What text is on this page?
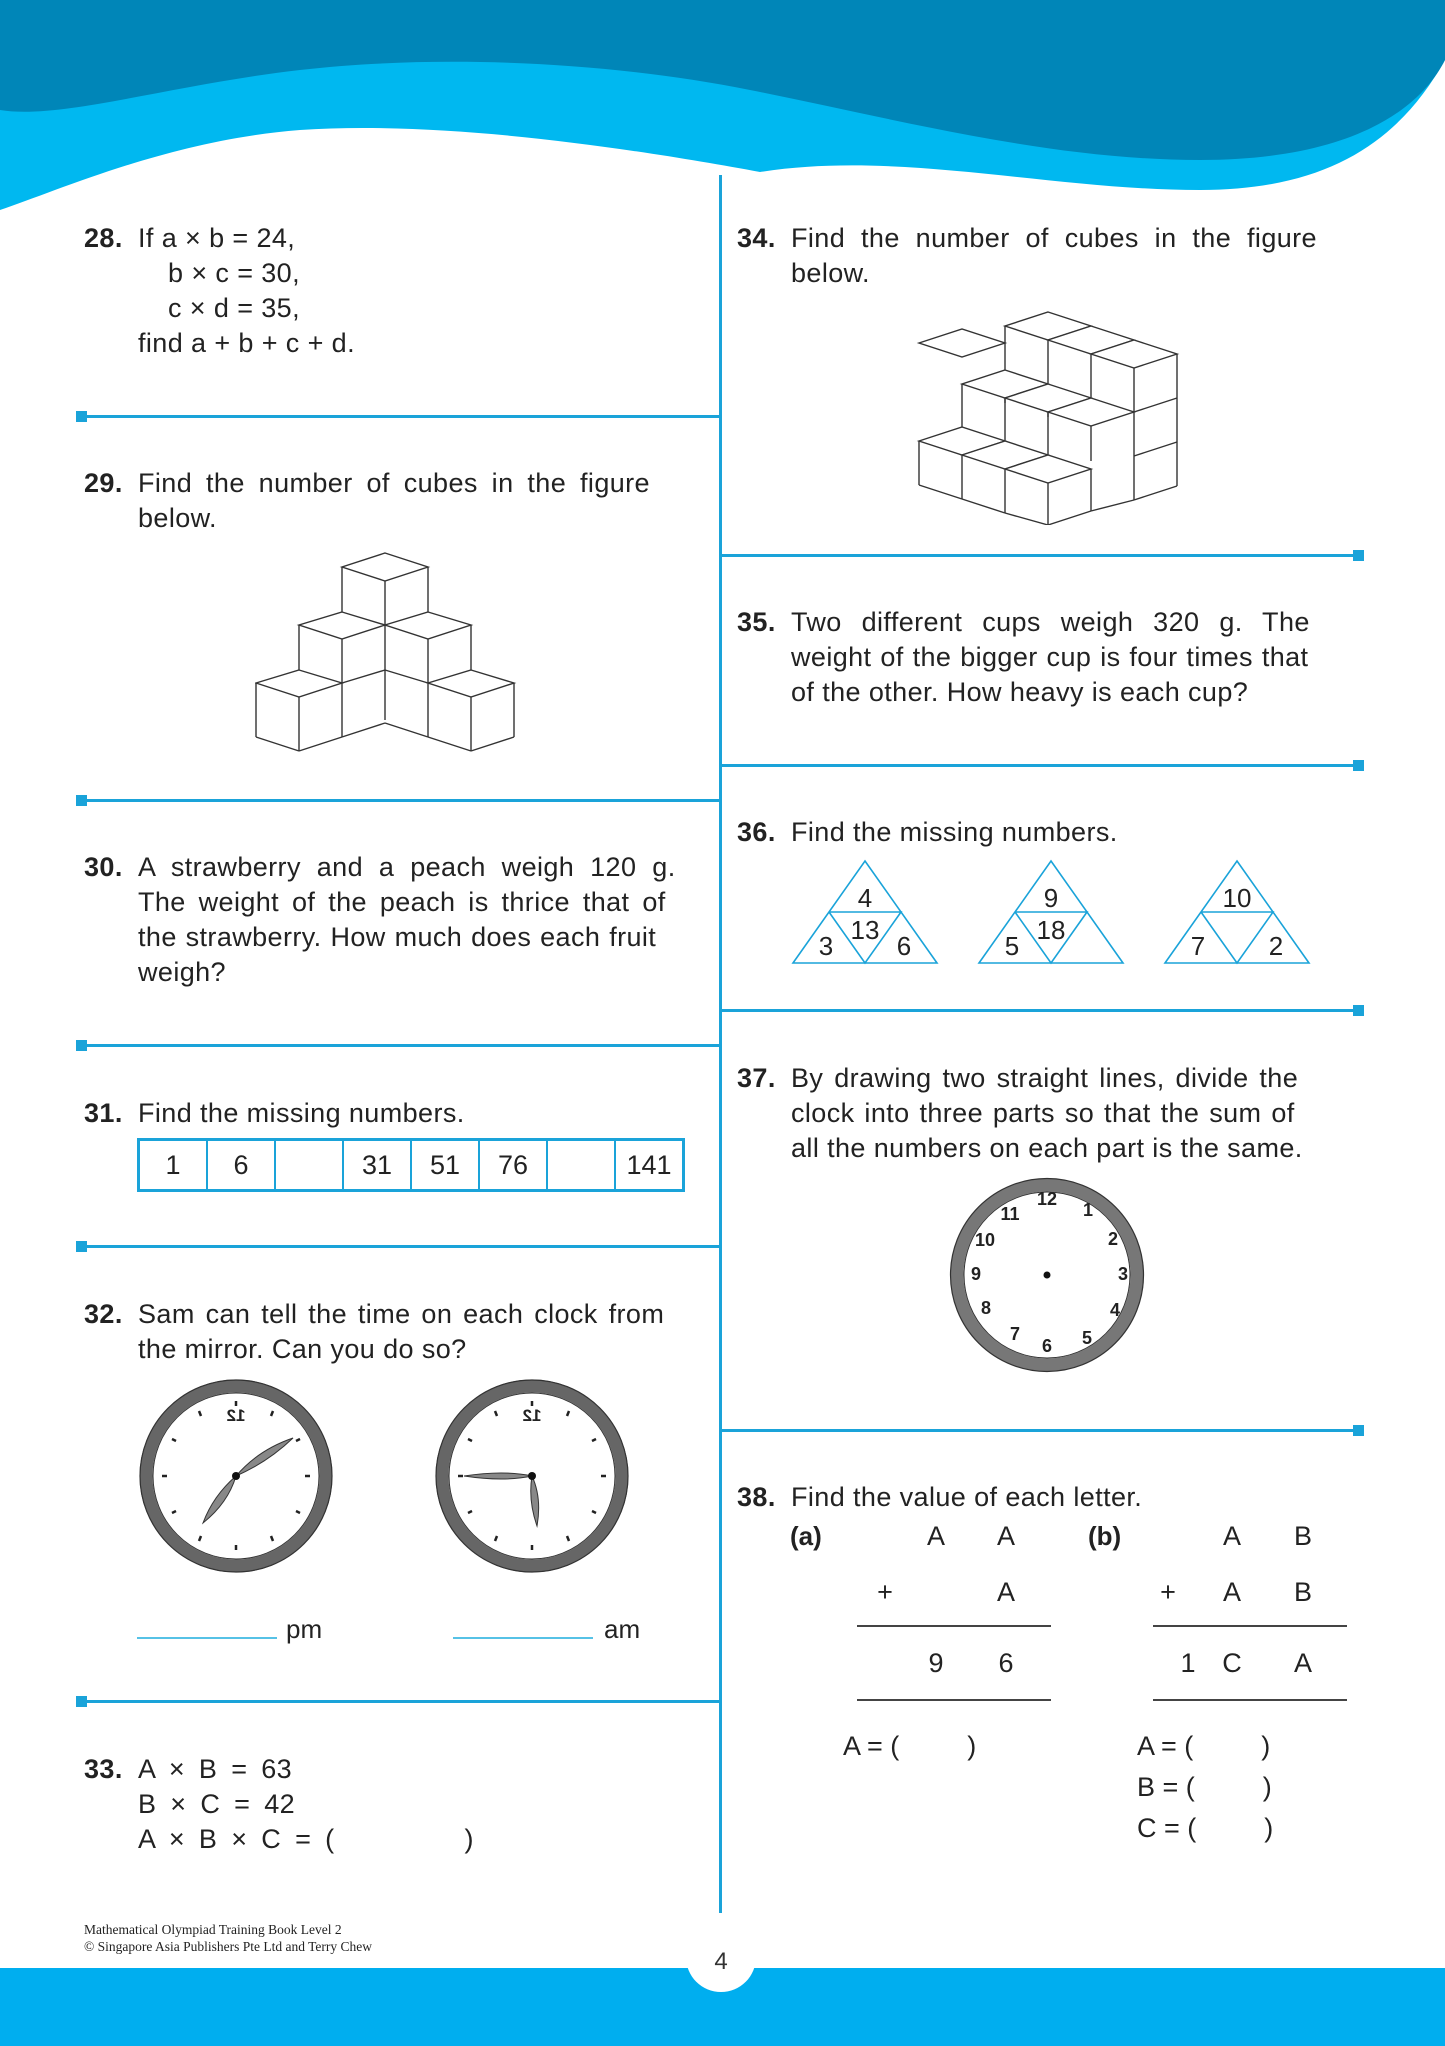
28. If a × b = 24,
b × c = 30,
c × d = 35,
find a + b + c + d.
29. Find the number of cubes in the figure
below.
30. A strawberry and a peach weigh 120 g.
The weight of the peach is thrice that of
the strawberry. How much does each fruit
weigh?
31. Find the missing numbers.
1	6		31	51	76		141
32. Sam can tell the time on each clock from
the mirror. Can you do so?
12	12
pm	am
33. A × B = 63
B × C = 42
A × B × C = (	)
34. Find the number of cubes in the figure
below.
35. Two different cups weigh 320 g. The
weight of the bigger cup is four times that
of the other. How heavy is each cup?
36. Find the missing numbers.
4
13
3 6
9
18
5
10
7 2
37. By drawing two straight lines, divide the
clock into three parts so that the sum of
all the numbers on each part is the same.
12
1
2
3
4
5
6
7
8
9
10
11
38. Find the value of each letter.
(a)	A A
+	A
9 6
A = (	)
(b)	A B
+ A B
1 C A
A = (	)
B = (	)
C = (	)
Mathematical Olympiad Training Book Level 2
© Singapore Asia Publishers Pte Ltd and Terry Chew
4
